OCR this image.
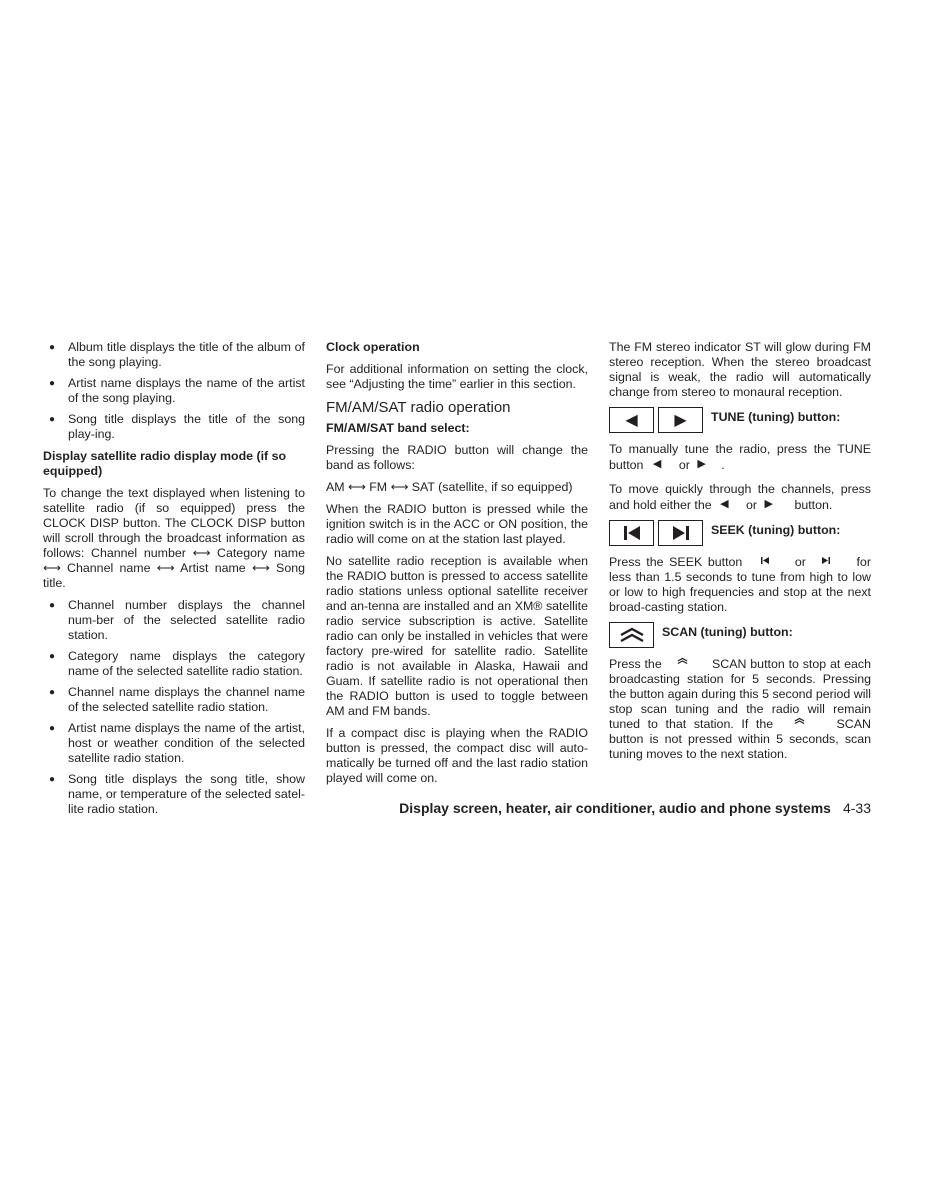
● Album title displays the title of the album of the song playing.
● Artist name displays the name of the artist of the song playing.
● Song title displays the title of the song play-ing.
Display satellite radio display mode (if so equipped)

To change the text displayed when listening to satellite radio (if so equipped) press the CLOCK DISP button. The CLOCK DISP button will scroll through the broadcast information as follows: Channel number ⟷ Category name ⟷ Channel name ⟷ Artist name ⟷ Song title.

● Channel number displays the channel num-ber of the selected satellite radio station.
● Category name displays the category name of the selected satellite radio station.
● Channel name displays the channel name of the selected satellite radio station.
● Artist name displays the name of the artist, host or weather condition of the selected satellite radio station.
● Song title displays the song title, show name, or temperature of the selected satel-lite radio station.
Clock operation

For additional information on setting the clock, see “Adjusting the time” earlier in this section.

FM/AM/SAT radio operation
FM/AM/SAT band select:

Pressing the RADIO button will change the band as follows:

AM ⟷ FM ⟷ SAT (satellite, if so equipped)

When the RADIO button is pressed while the ignition switch is in the ACC or ON position, the radio will come on at the station last played.

No satellite radio reception is available when the RADIO button is pressed to access satellite radio stations unless optional satellite receiver and an-tenna are installed and an XM® satellite radio service subscription is active. Satellite radio can only be installed in vehicles that were factory pre-wired for satellite radio. Satellite radio is not available in Alaska, Hawaii and Guam. If satellite radio is not operational then the RADIO button is used to toggle between AM and FM bands.

If a compact disc is playing when the RADIO button is pressed, the compact disc will auto-matically be turned off and the last radio station played will come on.

The FM stereo indicator ST will glow during FM stereo reception. When the stereo broadcast signal is weak, the radio will automatically change from stereo to monaural reception.

◀ ▶ TUNE (tuning) button:

To manually tune the radio, press the TUNE button ◀ or ▶ .

To move quickly through the channels, press and hold either the ◀ or ▶ button.

SEEK (tuning) button:

Press the SEEK button	or	for less than 1.5 seconds to tune from high to low or low to high frequencies and stop at the next broad-casting station.

SCAN (tuning) button:

Press the	SCAN button to stop at each broadcasting station for 5 seconds. Pressing the button again during this 5 second period will stop scan tuning and the radio will remain tuned to that station. If the	SCAN button is not pressed within 5 seconds, scan tuning moves to the next station.

Display screen, heater, air conditioner, audio and phone systems 4-33
